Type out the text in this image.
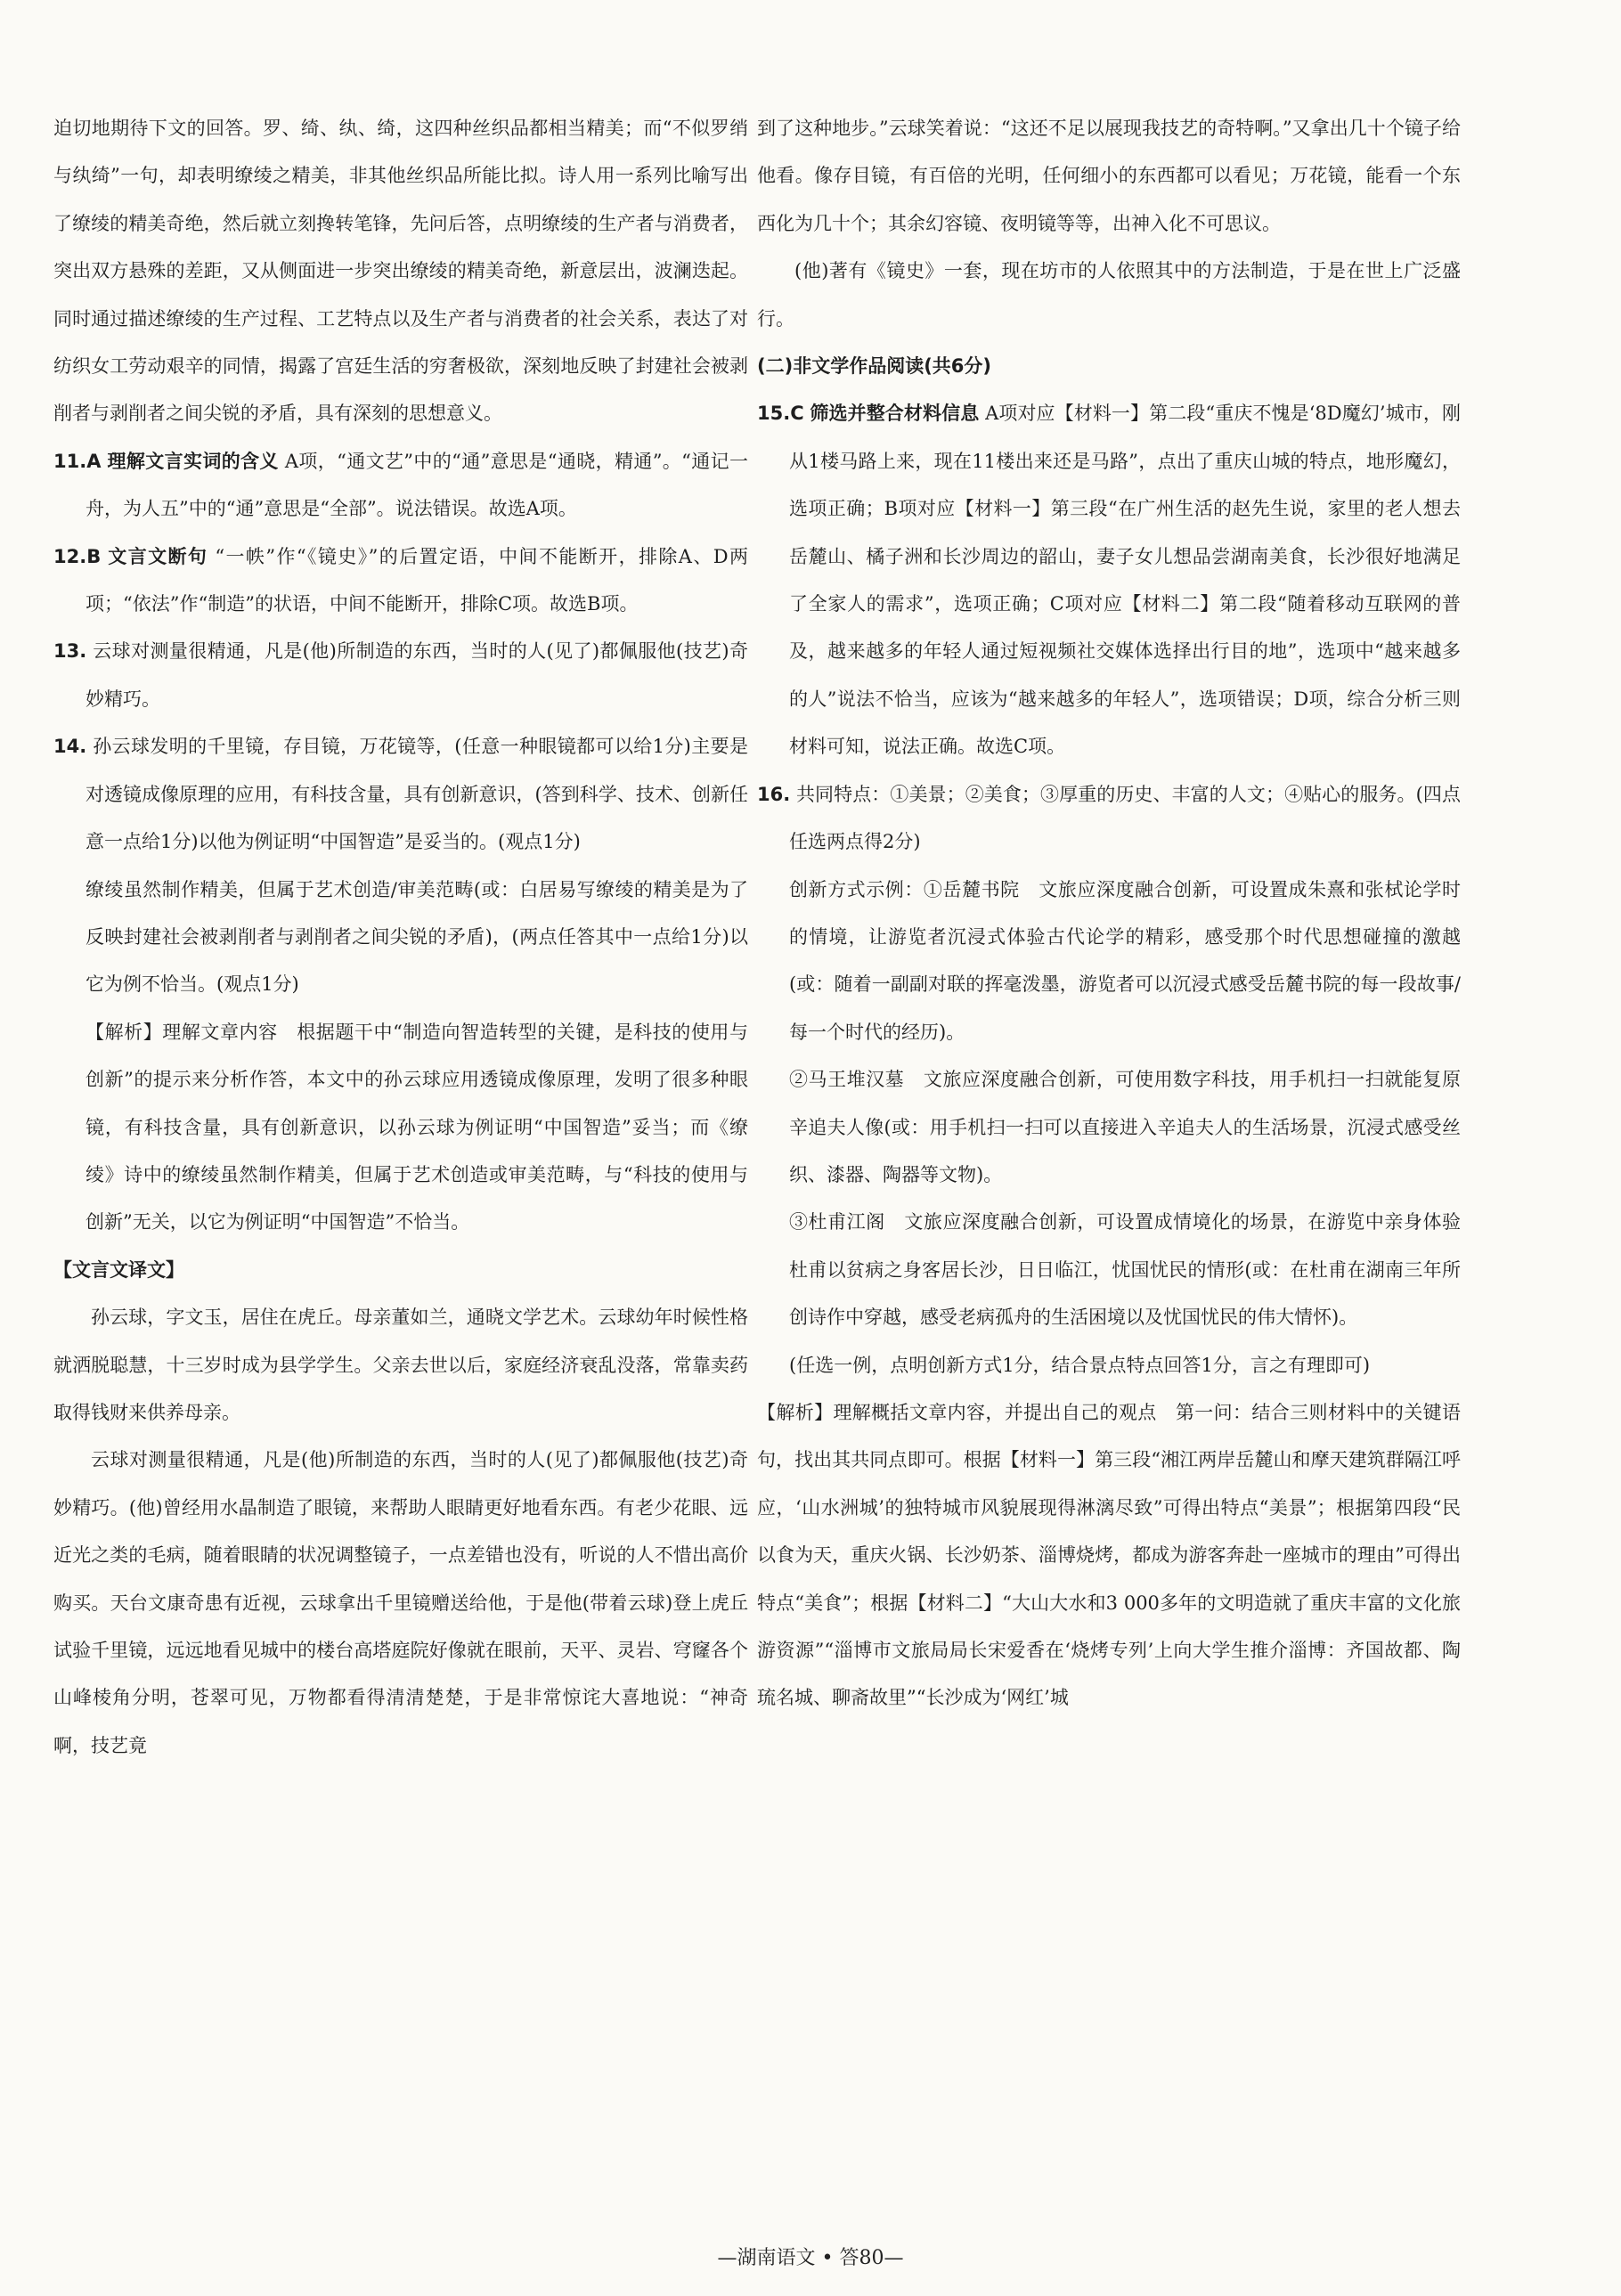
迫切地期待下文的回答。罗、绮、纨、绮，这四种丝织品都相当精美；而“不似罗绡与纨绮”一句，却表明缭绫之精美，非其他丝织品所能比拟。诗人用一系列比喻写出了缭绫的精美奇绝，然后就立刻搀转笔锋，先问后答，点明缭绫的生产者与消费者，突出双方悬殊的差距，又从侧面进一步突出缭绫的精美奇绝，新意层出，波澜迭起。同时通过描述缭绫的生产过程、工艺特点以及生产者与消费者的社会关系，表达了对纺织女工劳动艰辛的同情，揭露了宫廷生活的穷奢极欲，深刻地反映了封建社会被剥削者与剥削者之间尖锐的矛盾，具有深刻的思想意义。

11.A 理解文言实词的含义 A项，“通文艺”中的“通”意思是“通晓，精通”。“通记一舟，为人五”中的“通”意思是“全部”。说法错误。故选A项。

12.B 文言文断句 “一帙”作“《镜史》”的后置定语，中间不能断开，排除A、D两项；“依法”作“制造”的状语，中间不能断开，排除C项。故选B项。

13. 云球对测量很精通，凡是(他)所制造的东西，当时的人(见了)都佩服他(技艺)奇妙精巧。

14. 孙云球发明的千里镜，存目镜，万花镜等，(任意一种眼镜都可以给1分)主要是对透镜成像原理的应用，有科技含量，具有创新意识，(答到科学、技术、创新任意一点给1分)以他为例证明“中国智造”是妥当的。(观点1分)

缭绫虽然制作精美，但属于艺术创造/审美范畴(或：白居易写缭绫的精美是为了反映封建社会被剥削者与剥削者之间尖锐的矛盾)，(两点任答其中一点给1分)以它为例不恰当。(观点1分)

【解析】理解文章内容　根据题干中“制造向智造转型的关键，是科技的使用与创新”的提示来分析作答，本文中的孙云球应用透镜成像原理，发明了很多种眼镜，有科技含量，具有创新意识，以孙云球为例证明“中国智造”妥当；而《缭绫》诗中的缭绫虽然制作精美，但属于艺术创造或审美范畴，与“科技的使用与创新”无关，以它为例证明“中国智造”不恰当。

【文言文译文】

孙云球，字文玉，居住在虎丘。母亲董如兰，通晓文学艺术。云球幼年时候性格就洒脱聪慧，十三岁时成为县学学生。父亲去世以后，家庭经济衰乱没落，常靠卖药取得钱财来供养母亲。

云球对测量很精通，凡是(他)所制造的东西，当时的人(见了)都佩服他(技艺)奇妙精巧。(他)曾经用水晶制造了眼镜，来帮助人眼睛更好地看东西。有老少花眼、远近光之类的毛病，随着眼睛的状况调整镜子，一点差错也没有，听说的人不惜出高价购买。天台文康奇患有近视，云球拿出千里镜赠送给他，于是他(带着云球)登上虎丘试验千里镜，远远地看见城中的楼台高塔庭院好像就在眼前，天平、灵岩、穹窿各个山峰棱角分明，苍翠可见，万物都看得清清楚楚，于是非常惊诧大喜地说：“神奇啊，技艺竟

到了这种地步。”云球笑着说：“这还不足以展现我技艺的奇特啊。”又拿出几十个镜子给他看。像存目镜，有百倍的光明，任何细小的东西都可以看见；万花镜，能看一个东西化为几十个；其余幻容镜、夜明镜等等，出神入化不可思议。

(他)著有《镜史》一套，现在坊市的人依照其中的方法制造，于是在世上广泛盛行。

(二)非文学作品阅读(共6分)

15.C 筛选并整合材料信息 A项对应【材料一】第二段“重庆不愧是‘8D魔幻’城市，刚从1楼马路上来，现在11楼出来还是马路”，点出了重庆山城的特点，地形魔幻，选项正确；B项对应【材料一】第三段“在广州生活的赵先生说，家里的老人想去岳麓山、橘子洲和长沙周边的韶山，妻子女儿想品尝湖南美食，长沙很好地满足了全家人的需求”，选项正确；C项对应【材料二】第二段“随着移动互联网的普及，越来越多的年轻人通过短视频社交媒体选择出行目的地”，选项中“越来越多的人”说法不恰当，应该为“越来越多的年轻人”，选项错误；D项，综合分析三则材料可知，说法正确。故选C项。

16. 共同特点：①美景；②美食；③厚重的历史、丰富的人文；④贴心的服务。(四点任选两点得2分)

创新方式示例：①岳麓书院　文旅应深度融合创新，可设置成朱熹和张栻论学时的情境，让游览者沉浸式体验古代论学的精彩，感受那个时代思想碰撞的激越(或：随着一副副对联的挥毫泼墨，游览者可以沉浸式感受岳麓书院的每一段故事/每一个时代的经历)。

②马王堆汉墓　文旅应深度融合创新，可使用数字科技，用手机扫一扫就能复原辛追夫人像(或：用手机扫一扫可以直接进入辛追夫人的生活场景，沉浸式感受丝织、漆器、陶器等文物)。

③杜甫江阁　文旅应深度融合创新，可设置成情境化的场景，在游览中亲身体验杜甫以贫病之身客居长沙，日日临江，忧国忧民的情形(或：在杜甫在湖南三年所创诗作中穿越，感受老病孤舟的生活困境以及忧国忧民的伟大情怀)。

(任选一例，点明创新方式1分，结合景点特点回答1分，言之有理即可)

【解析】理解概括文章内容，并提出自己的观点　第一问：结合三则材料中的关键语句，找出其共同点即可。根据【材料一】第三段“湘江两岸岳麓山和摩天建筑群隔江呼应，‘山水洲城’的独特城市风貌展现得淋漓尽致”可得出特点“美景”；根据第四段“民以食为天，重庆火锅、长沙奶茶、淄博烧烤，都成为游客奔赴一座城市的理由”可得出特点“美食”；根据【材料二】“大山大水和3 000多年的文明造就了重庆丰富的文化旅游资源”“淄博市文旅局局长宋爱香在‘烧烤专列’上向大学生推介淄博：齐国故都、陶琉名城、聊斋故里”“长沙成为‘网红’城

—湖南语文 • 答80—
